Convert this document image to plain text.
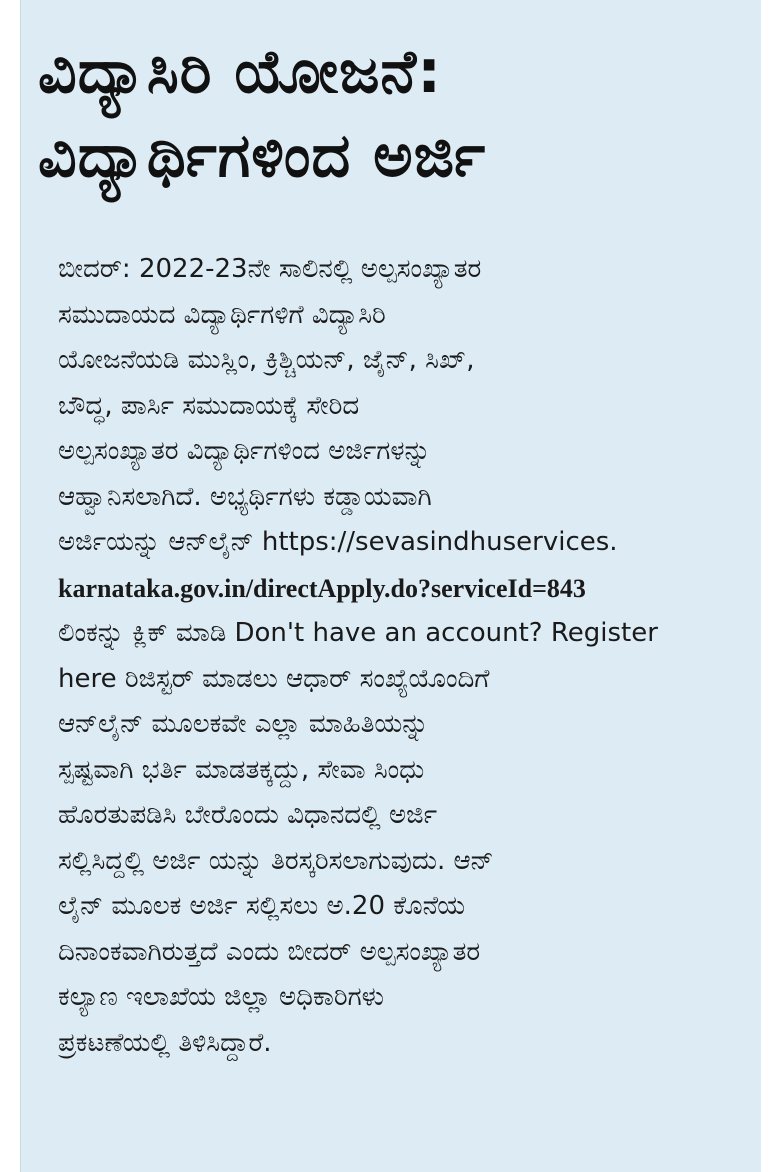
ವಿದ್ಯಾಸಿರಿ ಯೋಜನೆ:
ವಿದ್ಯಾರ್ಥಿಗಳಿಂದ ಅರ್ಜಿ
ಬೀದರ್: 2022-23ನೇ ಸಾಲಿನಲ್ಲಿ ಅಲ್ಪಸಂಖ್ಯಾತರ
ಸಮುದಾಯದ ವಿದ್ಯಾರ್ಥಿಗಳಿಗೆ ವಿದ್ಯಾಸಿರಿ
ಯೋಜನೆಯಡಿ ಮುಸ್ಲಿಂ, ಕ್ರಿಶ್ಚಿಯನ್, ಜೈನ್, ಸಿಖ್,
ಬೌದ್ಧ, ಪಾರ್ಸಿ ಸಮುದಾಯಕ್ಕೆ ಸೇರಿದ
ಅಲ್ಪಸಂಖ್ಯಾತರ ವಿದ್ಯಾರ್ಥಿಗಳಿಂದ ಅರ್ಜಿಗಳನ್ನು
ಆಹ್ವಾನಿಸಲಾಗಿದೆ. ಅಭ್ಯರ್ಥಿಗಳು ಕಡ್ಡಾಯವಾಗಿ
ಅರ್ಜಿಯನ್ನು ಆನ್‌ಲೈನ್ https://sevasindhuservices.
karnataka.gov.in/directApply.do?serviceId=843
ಲಿಂಕನ್ನು ಕ್ಲಿಕ್ ಮಾಡಿ Don't have an account? Register
here ರಿಜಿಸ್ಟರ್ ಮಾಡಲು ಆಧಾರ್ ಸಂಖ್ಯೆಯೊಂದಿಗೆ
ಆನ್‌ಲೈನ್ ಮೂಲಕವೇ ಎಲ್ಲಾ ಮಾಹಿತಿಯನ್ನು
ಸ್ಪಷ್ಟವಾಗಿ ಭರ್ತಿ ಮಾಡತಕ್ಕದ್ದು, ಸೇವಾ ಸಿಂಧು
ಹೊರತುಪಡಿಸಿ ಬೇರೊಂದು ವಿಧಾನದಲ್ಲಿ ಅರ್ಜಿ
ಸಲ್ಲಿಸಿದ್ದಲ್ಲಿ ಅರ್ಜಿ ಯನ್ನು ತಿರಸ್ಕರಿಸಲಾಗುವುದು. ಆನ್
ಲೈನ್ ಮೂಲಕ ಅರ್ಜಿ ಸಲ್ಲಿಸಲು ಅ.20 ಕೊನೆಯ
ದಿನಾಂಕವಾಗಿರುತ್ತದೆ ಎಂದು ಬೀದರ್ ಅಲ್ಪಸಂಖ್ಯಾತರ
ಕಲ್ಯಾಣ ಇಲಾಖೆಯ ಜಿಲ್ಲಾ ಅಧಿಕಾರಿಗಳು
ಪ್ರಕಟಣೆಯಲ್ಲಿ ತಿಳಿಸಿದ್ದಾರೆ.
